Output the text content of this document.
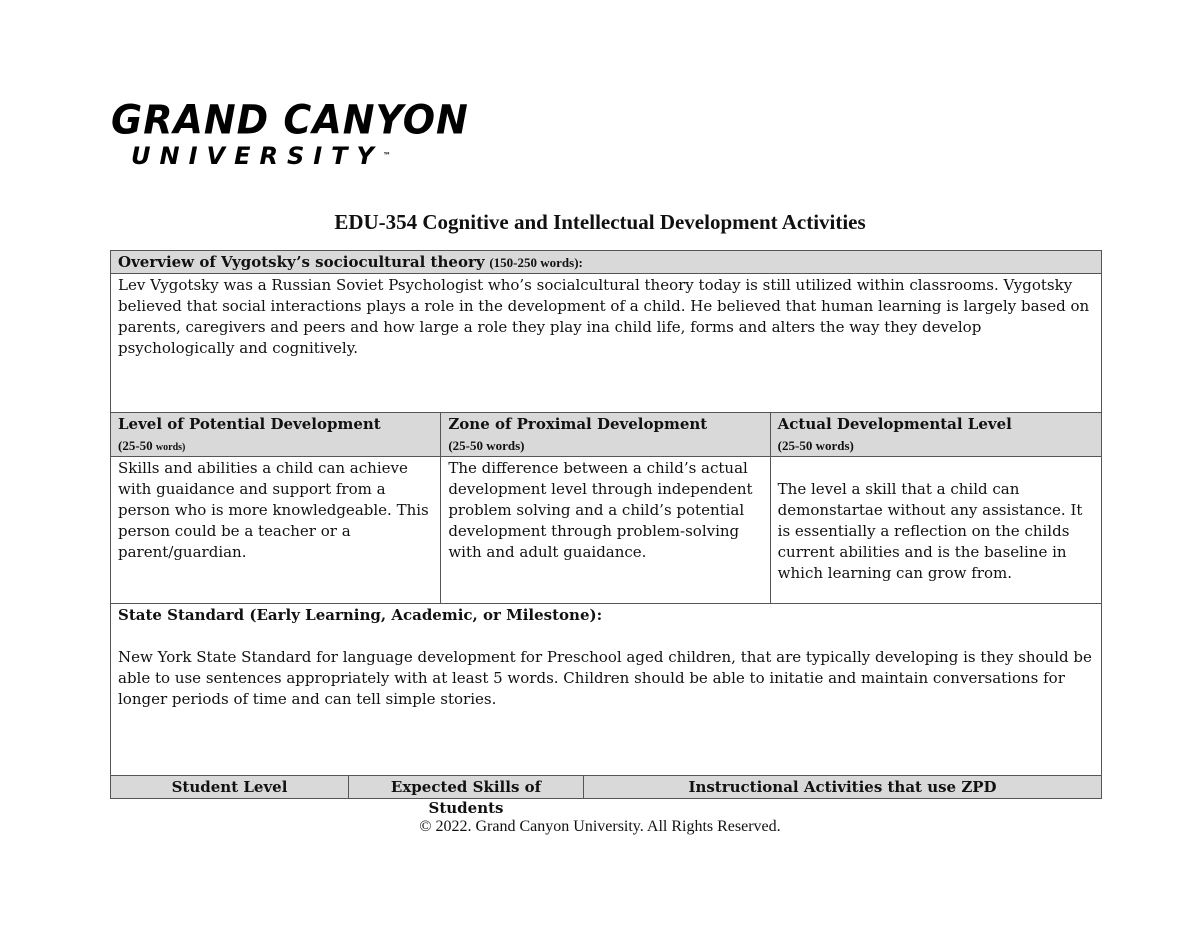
GRAND CANYON
UNIVERSITY™
EDU-354 Cognitive and Intellectual Development Activities
Overview of Vygotsky’s sociocultural theory (150-250 words):
Lev Vygotsky was a Russian Soviet Psychologist who’s socialcultural theory today is still utilized within classrooms. Vygotsky believed that social interactions plays a role in the development of a child. He believed that human learning is largely based on parents, caregivers and peers and how large a role they play ina child life, forms and alters the way they develop psychologically and cognitively.
Level of Potential Development
(25-50 words)
Zone of Proximal Development
(25-50 words)
Actual Developmental Level
(25-50 words)
Skills and abilities a child can achieve with guaidance and support from a person who is more knowledgeable. This person could be a teacher or a parent/guardian.
The difference between a child’s actual development level through independent problem solving and a child’s potential development through problem-solving with and adult guaidance.
The level a skill that a child can demonstartae without any assistance. It is essentially a reflection on the childs current abilities and is the baseline in which learning can grow from.
State Standard (Early Learning, Academic, or Milestone):
New York State Standard for language development for Preschool aged children, that are typically developing is they should be able to use sentences appropriately with at least 5 words. Children should be able to initatie and maintain conversations for longer periods of time and can tell simple stories.
Student Level	Expected Skills of Students
Instructional Activities that use ZPD
© 2022. Grand Canyon University. All Rights Reserved.
